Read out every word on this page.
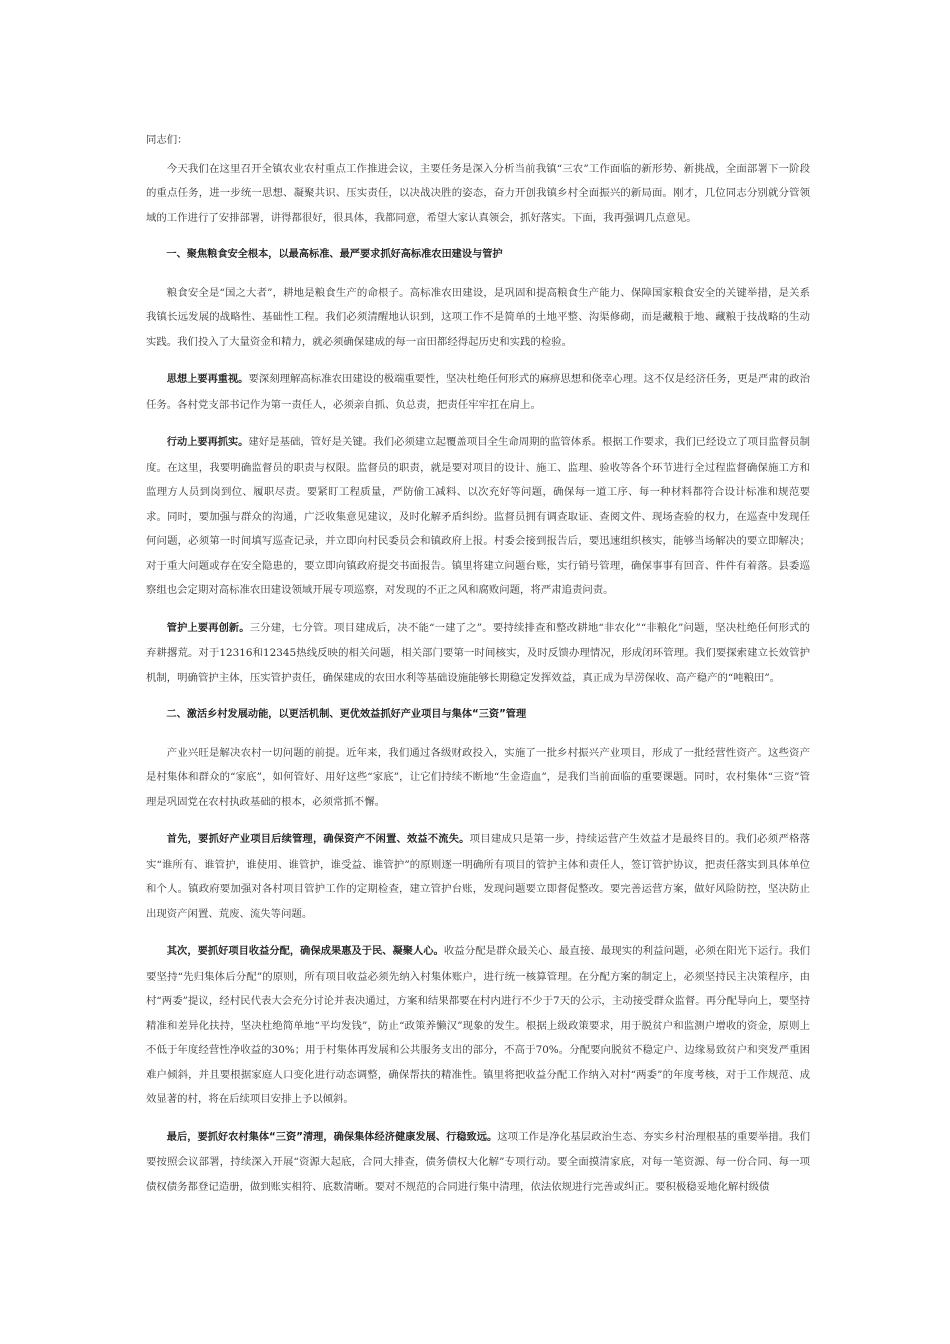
同志们：

今天我们在这里召开全镇农业农村重点工作推进会议，主要任务是深入分析当前我镇“三农”工作面临的新形势、新挑战，全面部署下一阶段的重点任务，进一步统一思想、凝聚共识、压实责任，以决战决胜的姿态，奋力开创我镇乡村全面振兴的新局面。刚才，几位同志分别就分管领域的工作进行了安排部署，讲得都很好，很具体，我都同意，希望大家认真领会，抓好落实。下面，我再强调几点意见。

一、聚焦粮食安全根本，以最高标准、最严要求抓好高标准农田建设与管护

粮食安全是“国之大者”，耕地是粮食生产的命根子。高标准农田建设，是巩固和提高粮食生产能力、保障国家粮食安全的关键举措，是关系我镇长远发展的战略性、基础性工程。我们必须清醒地认识到，这项工作不是简单的土地平整、沟渠修砌，而是藏粮于地、藏粮于技战略的生动实践。我们投入了大量资金和精力，就必须确保建成的每一亩田都经得起历史和实践的检验。

思想上要再重视。要深刻理解高标准农田建设的极端重要性，坚决杜绝任何形式的麻痹思想和侥幸心理。这不仅是经济任务，更是严肃的政治任务。各村党支部书记作为第一责任人，必须亲自抓、负总责，把责任牢牢扛在肩上。

行动上要再抓实。建好是基础，管好是关键。我们必须建立起覆盖项目全生命周期的监管体系。根据工作要求，我们已经设立了项目监督员制度。在这里，我要明确监督员的职责与权限。监督员的职责，就是要对项目的设计、施工、监理、验收等各个环节进行全过程监督确保施工方和监理方人员到岗到位、履职尽责。要紧盯工程质量，严防偷工减料、以次充好等问题，确保每一道工序、每一种材料都符合设计标准和规范要求。同时，要加强与群众的沟通，广泛收集意见建议，及时化解矛盾纠纷。监督员拥有调查取证、查阅文件、现场查验的权力，在巡查中发现任何问题，必须第一时间填写巡查记录，并立即向村民委员会和镇政府上报。村委会接到报告后，要迅速组织核实，能够当场解决的要立即解决；对于重大问题或存在安全隐患的，要立即向镇政府提交书面报告。镇里将建立问题台账，实行销号管理，确保事事有回音、件件有着落。县委巡察组也会定期对高标准农田建设领域开展专项巡察，对发现的不正之风和腐败问题，将严肃追责问责。

管护上要再创新。三分建，七分管。项目建成后，决不能“一建了之”。要持续排查和整改耕地“非农化”“非粮化”问题，坚决杜绝任何形式的弃耕撂荒。对于12316和12345热线反映的相关问题，相关部门要第一时间核实，及时反馈办理情况，形成闭环管理。我们要探索建立长效管护机制，明确管护主体，压实管护责任，确保建成的农田水利等基础设施能够长期稳定发挥效益，真正成为旱涝保收、高产稳产的“吨粮田”。

二、激活乡村发展动能，以更活机制、更优效益抓好产业项目与集体“三资”管理

产业兴旺是解决农村一切问题的前提。近年来，我们通过各级财政投入，实施了一批乡村振兴产业项目，形成了一批经营性资产。这些资产是村集体和群众的“家底”，如何管好、用好这些“家底”，让它们持续不断地“生金造血”，是我们当前面临的重要课题。同时，农村集体“三资”管理是巩固党在农村执政基础的根本，必须常抓不懈。

首先，要抓好产业项目后续管理，确保资产不闲置、效益不流失。项目建成只是第一步，持续运营产生效益才是最终目的。我们必须严格落实“谁所有、谁管护，谁使用、谁管护，谁受益、谁管护”的原则逐一明确所有项目的管护主体和责任人，签订管护协议，把责任落实到具体单位和个人。镇政府要加强对各村项目管护工作的定期检查，建立管护台账，发现问题要立即督促整改。要完善运营方案，做好风险防控，坚决防止出现资产闲置、荒废、流失等问题。

其次，要抓好项目收益分配，确保成果惠及于民、凝聚人心。收益分配是群众最关心、最直接、最现实的利益问题，必须在阳光下运行。我们要坚持“先归集体后分配”的原则，所有项目收益必须先纳入村集体账户，进行统一核算管理。在分配方案的制定上，必须坚持民主决策程序，由村“两委”提议，经村民代表大会充分讨论并表决通过，方案和结果都要在村内进行不少于7天的公示，主动接受群众监督。再分配导向上，要坚持精准和差异化扶持，坚决杜绝简单地“平均发钱”，防止“政策养懒汉”现象的发生。根据上级政策要求，用于脱贫户和监测户增收的资金，原则上不低于年度经营性净收益的30%；用于村集体再发展和公共服务支出的部分，不高于70%。分配要向脱贫不稳定户、边缘易致贫户和突发严重困难户倾斜，并且要根据家庭人口变化进行动态调整，确保帮扶的精准性。镇里将把收益分配工作纳入对村“两委”的年度考核，对于工作规范、成效显著的村，将在后续项目安排上予以倾斜。

最后，要抓好农村集体“三资”清理，确保集体经济健康发展、行稳致远。这项工作是净化基层政治生态、夯实乡村治理根基的重要举措。我们要按照会议部署，持续深入开展“资源大起底，合同大排查，债务债权大化解”专项行动。要全面摸清家底，对每一笔资源、每一份合同、每一项债权债务都登记造册，做到账实相符、底数清晰。要对不规范的合同进行集中清理，依法依规进行完善或纠正。要积极稳妥地化解村级债
